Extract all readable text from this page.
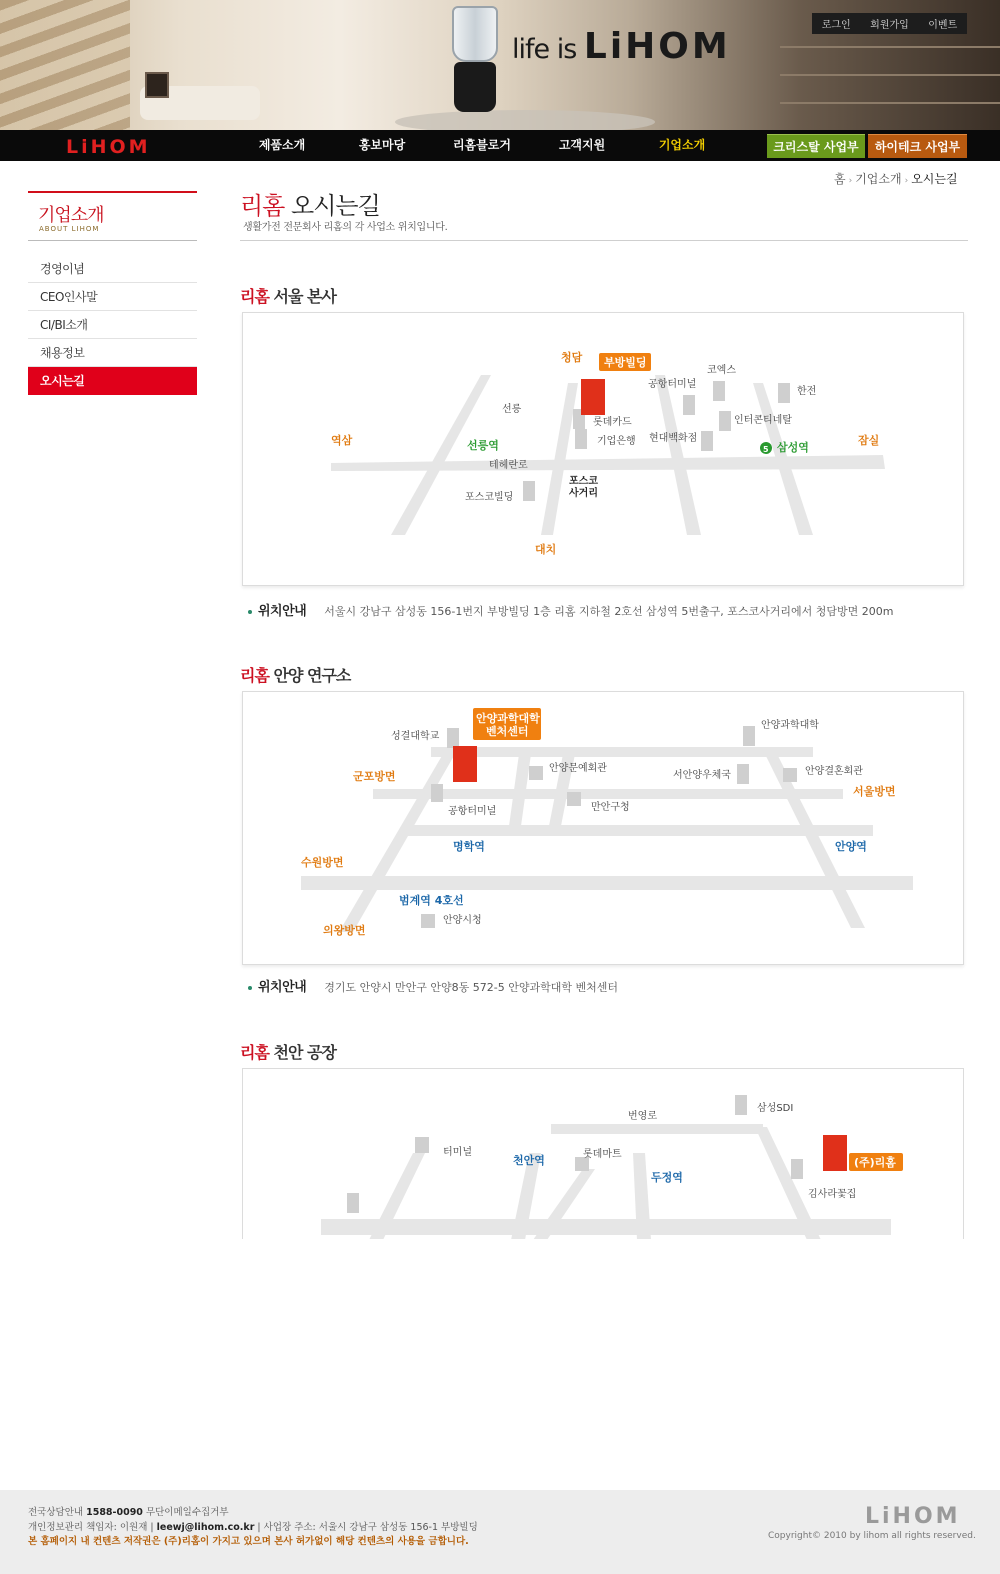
life is LiHOM
로그인 회원가입 이벤트
LiHOM	제품소개	홍보마당	리홈블로거	고객지원	기업소개	크리스탈 사업부	하이테크 사업부
기업소개
ABOUT LIHOM
경영이념
CEO인사말
CI/BI소개
채용정보
오시는길
홈 › 기업소개 › 오시는길
리홈 오시는길
생활가전 전문회사 리홈의 각 사업소 위치입니다.
리홈 서울 본사
청담
역삼	잠실
대치
부방빌딩
공항터미널
코엑스
한전
선릉
롯데카드	인터콘티네탈
기업은행 현대백화점
테헤란로
포스코빌딩
포스코
사거리
선릉역	삼성역
5
위치안내 서울시 강남구 삼성동 156-1번지 부방빌딩 1층 리홈 지하철 2호선 삼성역 5번출구, 포스코사거리에서 청담방면 200m
리홈 안양 연구소
안양과학대학
벤처센터
성결대학교
안양과학대학
안양문예회관
서안양우체국	안양결혼회관
공항터미널	만안구청
안양시청
군포방면
서울방면
수원방면
의왕방면
명학역	안양역
범계역 4호선
위치안내 경기도 안양시 만안구 안양8동 572-5 안양과학대학 벤처센터
리홈 천안 공장
(주)리홈
번영로
삼성SDI
터미널	롯데마트
김사라꽃집
천안역
두정역
전국상담안내 1588-0090 무단이메일수집거부
개인정보관리 책임자: 이원재 | leewj@lihom.co.kr | 사업장 주소: 서울시 강남구 삼성동 156-1 부방빌딩
본 홈페이지 내 컨텐츠 저작권은 (주)리홈이 가지고 있으며 본사 허가없이 해당 컨텐츠의 사용을 금합니다.
LiHOM
Copyright© 2010 by lihom all rights reserved.
